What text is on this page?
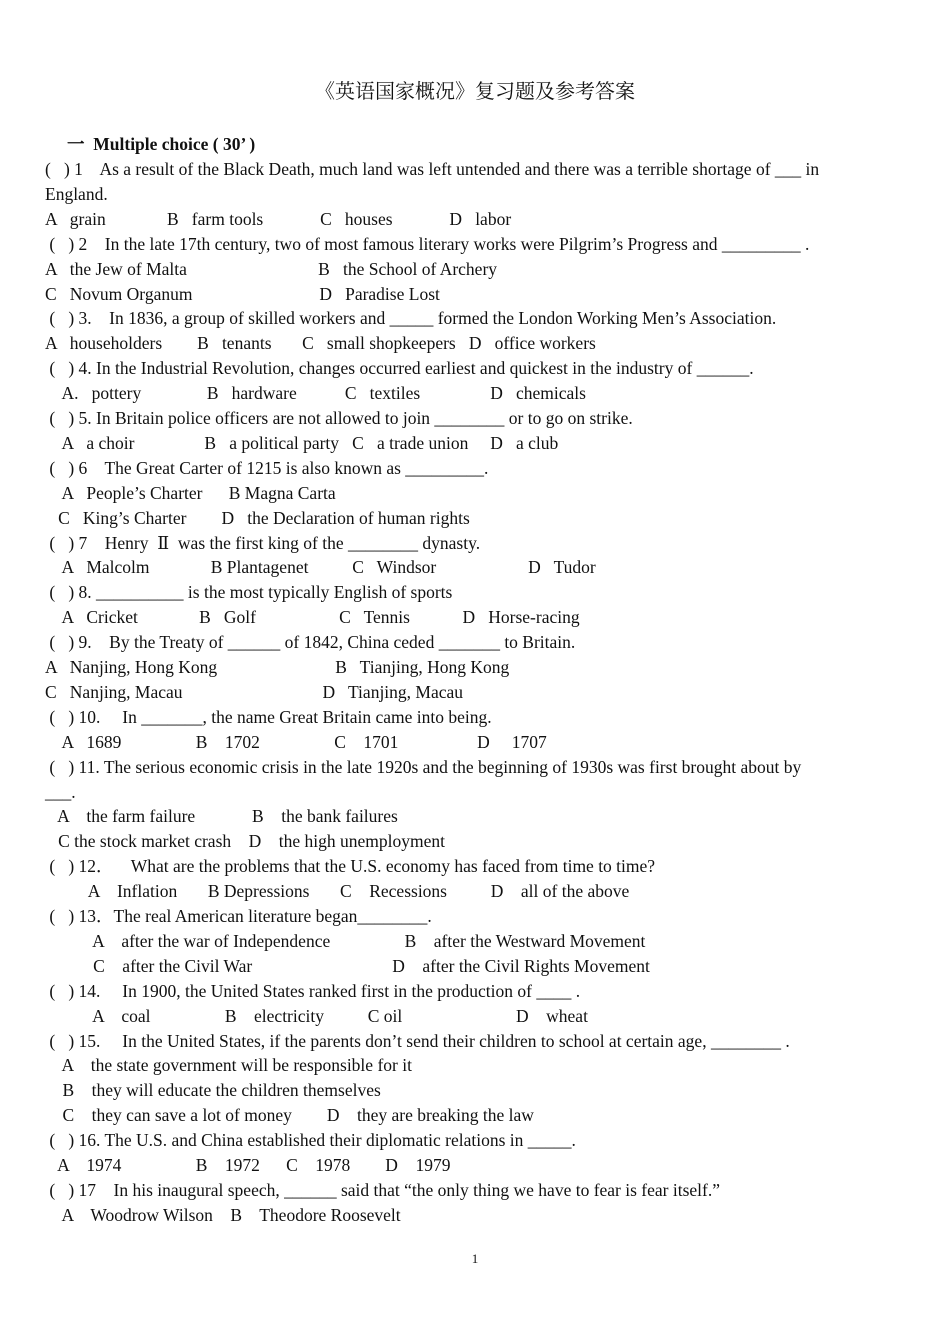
《英语国家概况》复习题及参考答案
一  Multiple choice ( 30’ )
(   ) 1    As a result of the Black Death, much land was left untended and there was a terrible shortage of ___ in
England.
A   grain              B   farm tools             C   houses             D   labor
(   ) 2    In the late 17th century, two of most famous literary works were Pilgrim’s Progress and _________ .
A   the Jew of Malta                              B   the School of Archery
C   Novum Organum                             D   Paradise Lost
(   ) 3.    In 1836, a group of skilled workers and _____ formed the London Working Men’s Association.
A   householders        B   tenants       C   small shopkeepers   D   office workers
(   ) 4. In the Industrial Revolution, changes occurred earliest and quickest in the industry of ______.
A.   pottery               B   hardware           C   textiles                D   chemicals
(   ) 5. In Britain police officers are not allowed to join ________ or to go on strike.
A   a choir                B   a political party   C   a trade union     D   a club
(   ) 6    The Great Carter of 1215 is also known as _________.
A   People’s Charter      B Magna Carta
C   King’s Charter        D   the Declaration of human rights
(   ) 7    Henry  Ⅱ  was the first king of the ________ dynasty.
A   Malcolm              B Plantagenet          C   Windsor                     D   Tudor
(   ) 8. __________ is the most typically English of sports
A   Cricket              B   Golf                   C   Tennis            D   Horse-racing
(   ) 9.    By the Treaty of ______ of 1842, China ceded _______ to Britain.
A   Nanjing, Hong Kong                           B   Tianjing, Hong Kong
C   Nanjing, Macau                                D   Tianjing, Macau
(   ) 10.     In _______, the name Great Britain came into being.
A   1689                 B    1702                 C    1701                  D     1707
(   ) 11. The serious economic crisis in the late 1920s and the beginning of 1930s was first brought about by
___.
A    the farm failure             B    the bank failures
C the stock market crash    D    the high unemployment
(   ) 12．    What are the problems that the U.S. economy has faced from time to time?
A    Inflation       B Depressions       C    Recessions          D    all of the above
(   ) 13．The real American literature began________.
A    after the war of Independence                 B    after the Westward Movement
C    after the Civil War                                D    after the Civil Rights Movement
(   ) 14.     In 1900, the United States ranked first in the production of ____ .
A    coal                 B    electricity          C oil                          D    wheat
(   ) 15.     In the United States, if the parents don’t send their children to school at certain age, ________ .
A    the state government will be responsible for it
B    they will educate the children themselves
C    they can save a lot of money        D    they are breaking the law
(   ) 16. The U.S. and China established their diplomatic relations in _____.
A    1974                 B    1972      C    1978        D    1979
(   ) 17    In his inaugural speech, ______ said that “the only thing we have to fear is fear itself.”
A    Woodrow Wilson    B    Theodore Roosevelt
1
